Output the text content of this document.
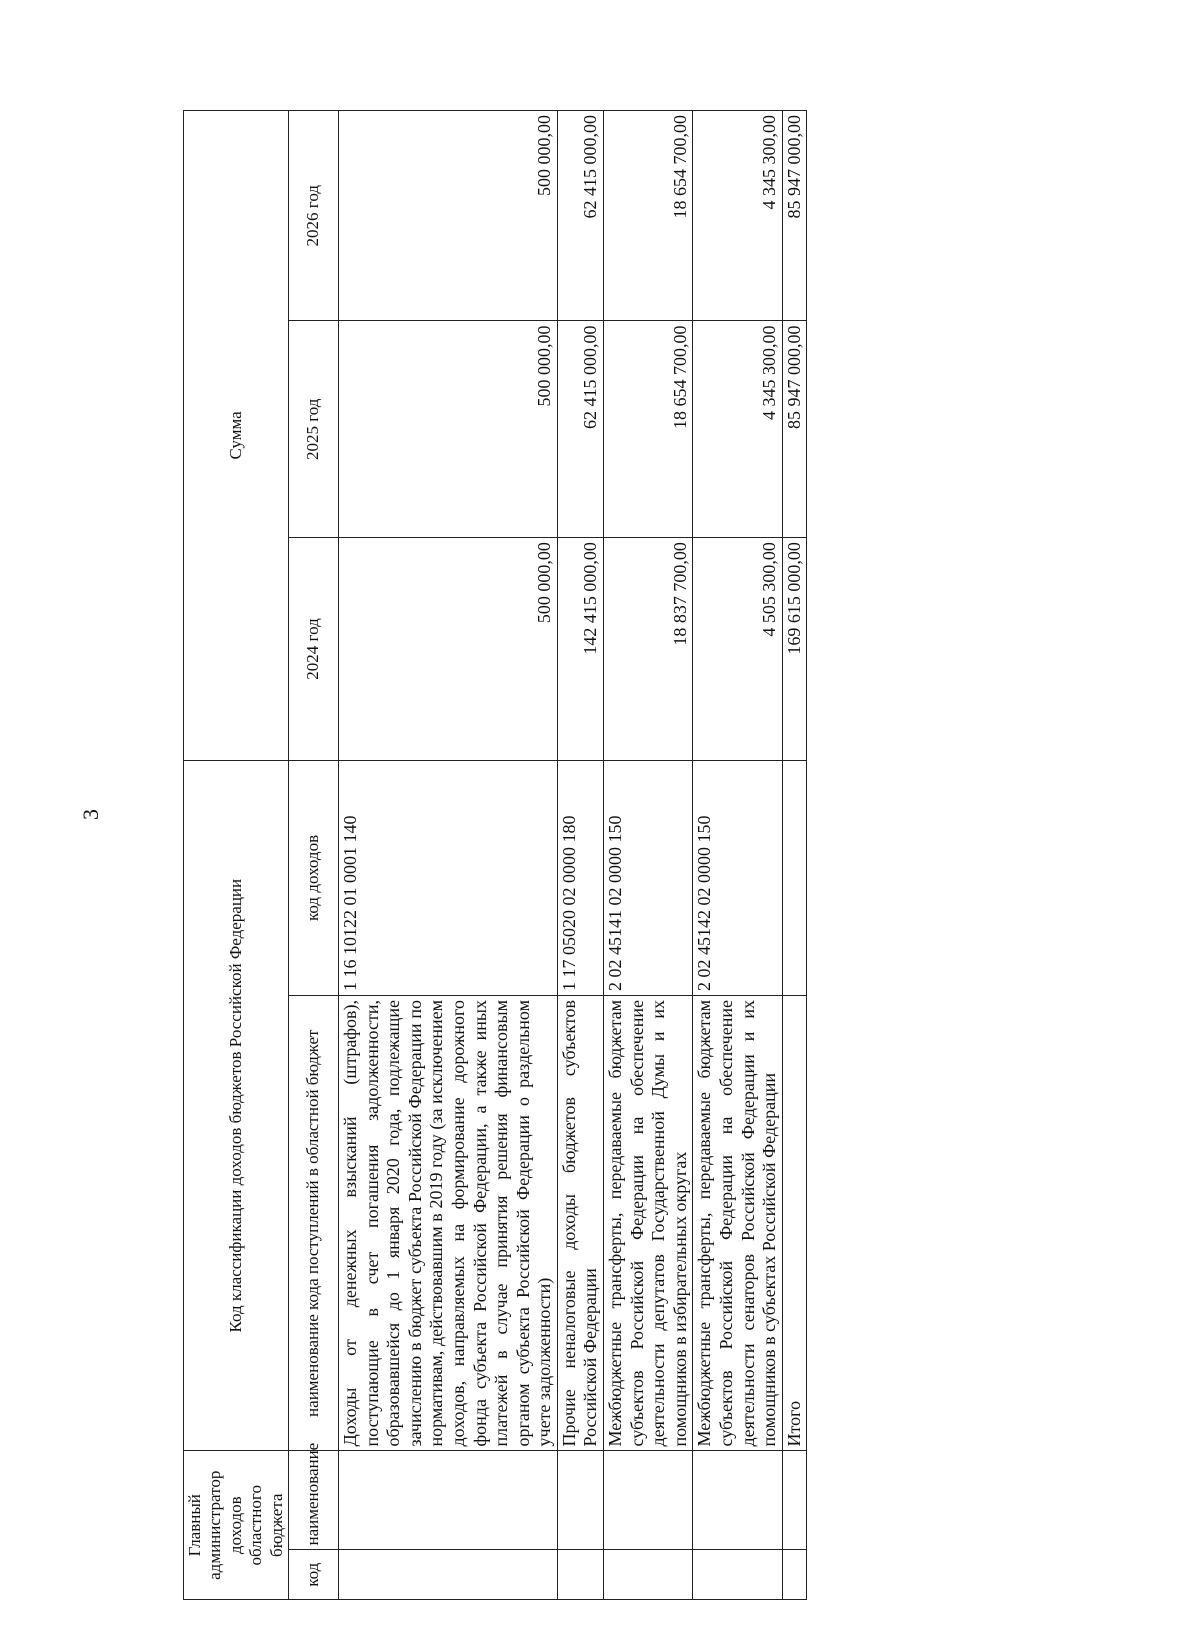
3
Главный администратор доходов областного бюджета		Код классификации доходов бюджетов Российской Федерации		Сумма		
код	наименование	наименование кода поступлений в областной бюджет	код доходов	2024 год	2025 год	2026 год
		Доходы от денежных взысканий (штрафов), поступающие в счет погашения задолженности, образовавшейся до 1 января 2020 года, подлежащие зачислению в бюджет субъекта Российской Федерации по нормативам, действовавшим в 2019 году (за исключением доходов, направляемых на формирование дорожного фонда субъекта Российской Федерации, а также иных платежей в случае принятия решения финансовым органом субъекта Российской Федерации о раздельном учете задолженности)	1 16 10122 01 0001 140	500 000,00	500 000,00	500 000,00
		Прочие неналоговые доходы бюджетов субъектов Российской Федерации	1 17 05020 02 0000 180	142 415 000,00	62 415 000,00	62 415 000,00
		Межбюджетные трансферты, передаваемые бюджетам субъектов Российской Федерации на обеспечение деятельности депутатов Государственной Думы и их помощников в избирательных округах	2 02 45141 02 0000 150	18 837 700,00	18 654 700,00	18 654 700,00
		Межбюджетные трансферты, передаваемые бюджетам субъектов Российской Федерации на обеспечение деятельности сенаторов Российской Федерации и их помощников в субъектах Российской Федерации	2 02 45142 02 0000 150	4 505 300,00	4 345 300,00	4 345 300,00
		Итого		169 615 000,00	85 947 000,00	85 947 000,00
